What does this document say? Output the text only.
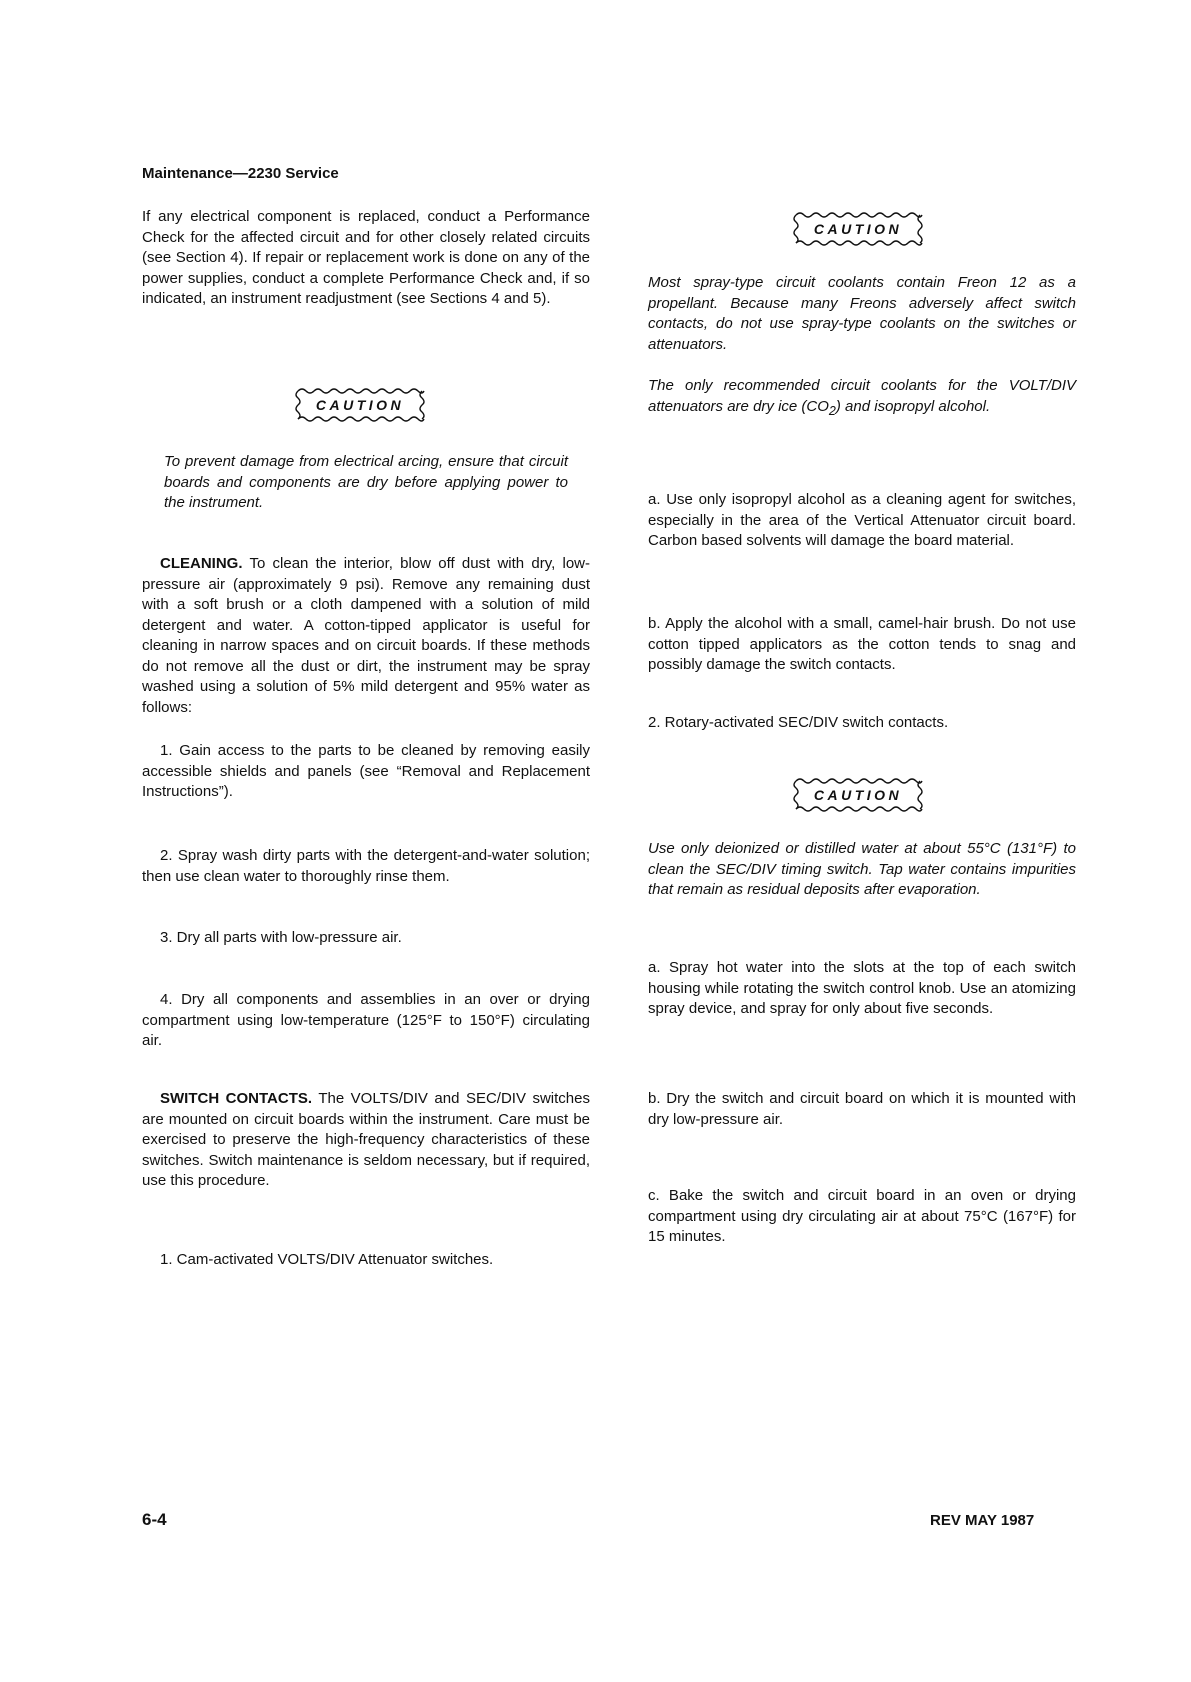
Maintenance—2230 Service

If any electrical component is replaced, conduct a Performance Check for the affected circuit and for other closely related circuits (see Section 4). If repair or replacement work is done on any of the power supplies, conduct a complete Performance Check and, if so indicated, an instrument readjustment (see Sections 4 and 5).

CAUTION

To prevent damage from electrical arcing, ensure that circuit boards and components are dry before applying power to the instrument.

CLEANING. To clean the interior, blow off dust with dry, low-pressure air (approximately 9 psi). Remove any remaining dust with a soft brush or a cloth dampened with a solution of mild detergent and water. A cotton-tipped applicator is useful for cleaning in narrow spaces and on circuit boards. If these methods do not remove all the dust or dirt, the instrument may be spray washed using a solution of 5% mild detergent and 95% water as follows:

1. Gain access to the parts to be cleaned by removing easily accessible shields and panels (see “Removal and Replacement Instructions”).

2. Spray wash dirty parts with the detergent-and-water solution; then use clean water to thoroughly rinse them.

3. Dry all parts with low-pressure air.

4. Dry all components and assemblies in an over or drying compartment using low-temperature (125°F to 150°F) circulating air.

SWITCH CONTACTS. The VOLTS/DIV and SEC/DIV switches are mounted on circuit boards within the instrument. Care must be exercised to preserve the high-frequency characteristics of these switches. Switch maintenance is seldom necessary, but if required, use this procedure.

1. Cam-activated VOLTS/DIV Attenuator switches.

CAUTION

Most spray-type circuit coolants contain Freon 12 as a propellant. Because many Freons adversely affect switch contacts, do not use spray-type coolants on the switches or attenuators.

The only recommended circuit coolants for the VOLT/DIV attenuators are dry ice $(CO_2)$ and isopropyl alcohol.

a. Use only isopropyl alcohol as a cleaning agent for switches, especially in the area of the Vertical Attenuator circuit board. Carbon based solvents will damage the board material.

b. Apply the alcohol with a small, camel-hair brush. Do not use cotton tipped applicators as the cotton tends to snag and possibly damage the switch contacts.

2. Rotary-activated SEC/DIV switch contacts.

CAUTION

Use only deionized or distilled water at about 55°C (131°F) to clean the SEC/DIV timing switch. Tap water contains impurities that remain as residual deposits after evaporation.

a. Spray hot water into the slots at the top of each switch housing while rotating the switch control knob. Use an atomizing spray device, and spray for only about five seconds.

b. Dry the switch and circuit board on which it is mounted with dry low-pressure air.

c. Bake the switch and circuit board in an oven or drying compartment using dry circulating air at about 75°C (167°F) for 15 minutes.

6-4	REV MAY 1987
